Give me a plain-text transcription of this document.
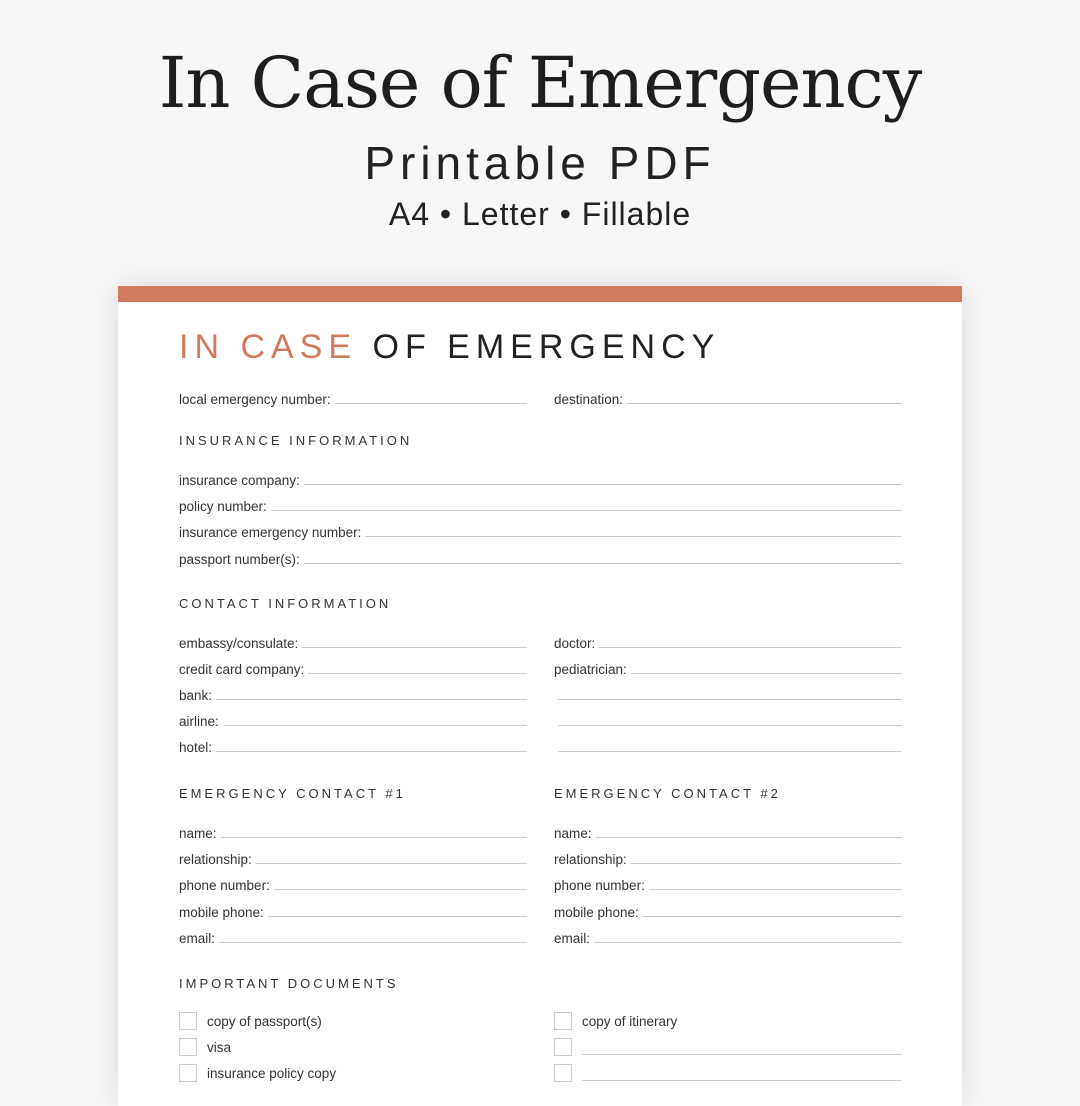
In Case of Emergency
Printable PDF
A4 • Letter • Fillable
IN CASE OF EMERGENCY
INSURANCE INFORMATION
CONTACT INFORMATION
EMERGENCY CONTACT #1	EMERGENCY CONTACT #2
IMPORTANT DOCUMENTS
local emergency number:	destination:
insurance company:
policy number:
insurance emergency number:
passport number(s):
embassy/consulate:	doctor:
credit card company:	pediatrician:
bank:
airline:
hotel:
name:	name:
relationship:	relationship:
phone number:	phone number:
mobile phone:	mobile phone:
email:	email:
copy of passport(s)	copy of itinerary
visa
insurance policy copy
